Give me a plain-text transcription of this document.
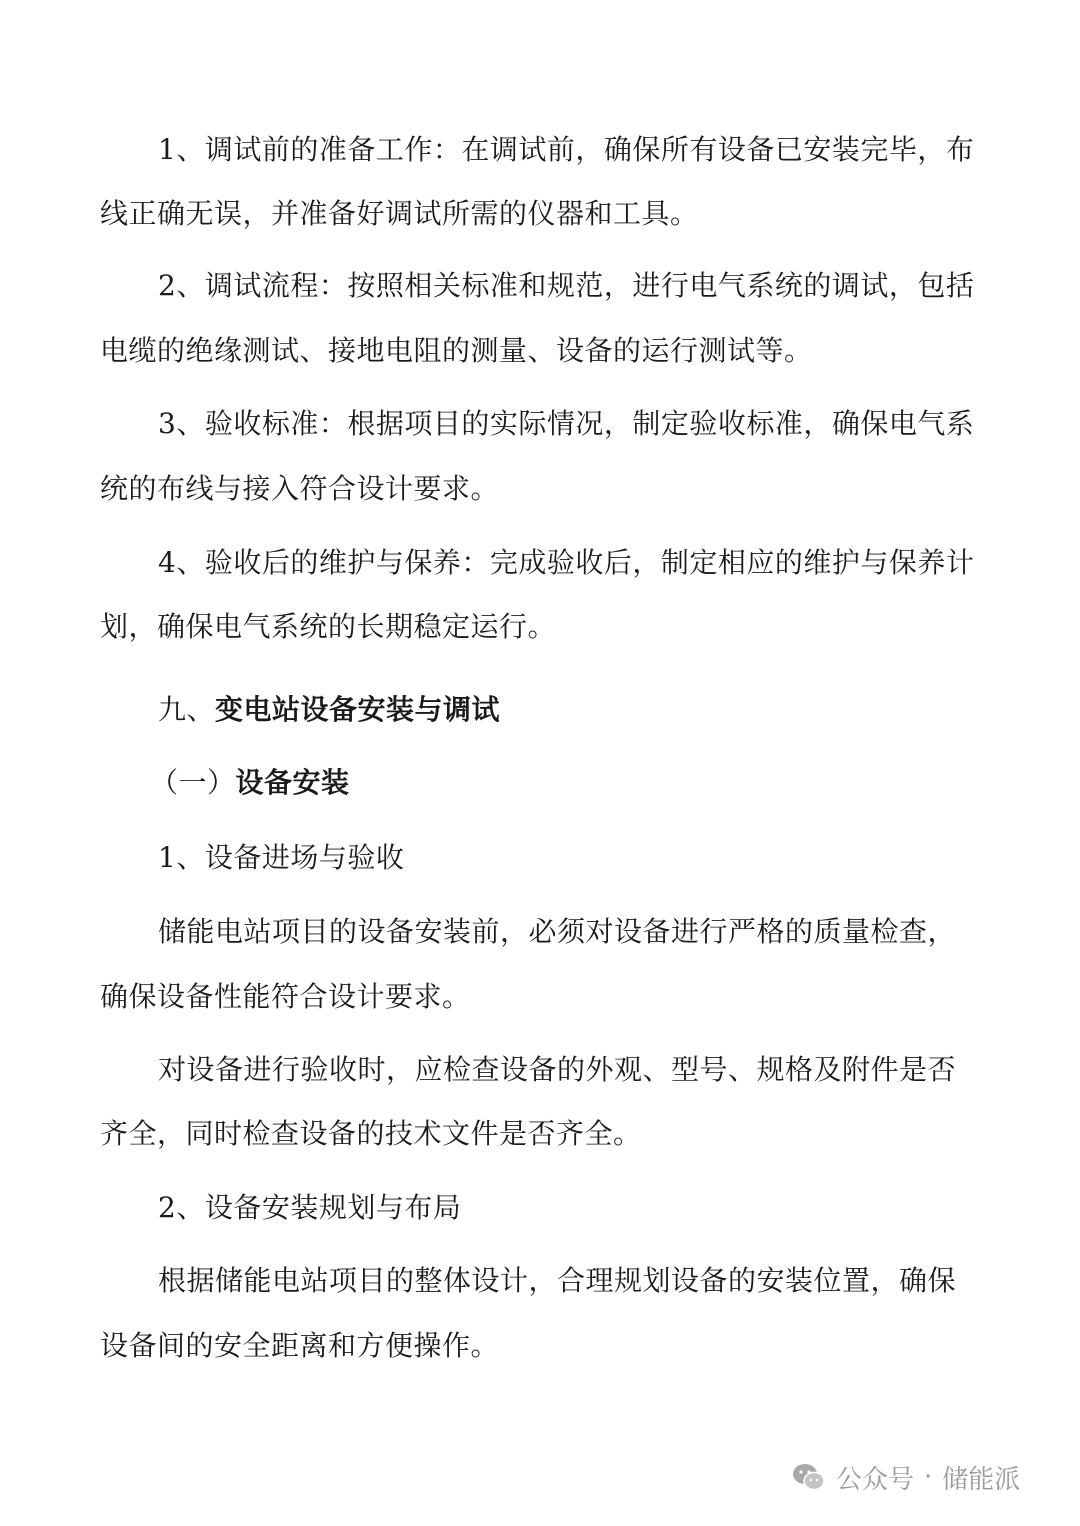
1、调试前的准备工作：在调试前，确保所有设备已安装完毕，布

线正确无误，并准备好调试所需的仪器和工具。

2、调试流程：按照相关标准和规范，进行电气系统的调试，包括

电缆的绝缘测试、接地电阻的测量、设备的运行测试等。

3、验收标准：根据项目的实际情况，制定验收标准，确保电气系

统的布线与接入符合设计要求。

4、验收后的维护与保养：完成验收后，制定相应的维护与保养计

划，确保电气系统的长期稳定运行。

九、变电站设备安装与调试

（一）设备安装

1、设备进场与验收

储能电站项目的设备安装前，必须对设备进行严格的质量检查，

确保设备性能符合设计要求。

对设备进行验收时，应检查设备的外观、型号、规格及附件是否

齐全，同时检查设备的技术文件是否齐全。

2、设备安装规划与布局

根据储能电站项目的整体设计，合理规划设备的安装位置，确保

设备间的安全距离和方便操作。

公众号 · 储能派
